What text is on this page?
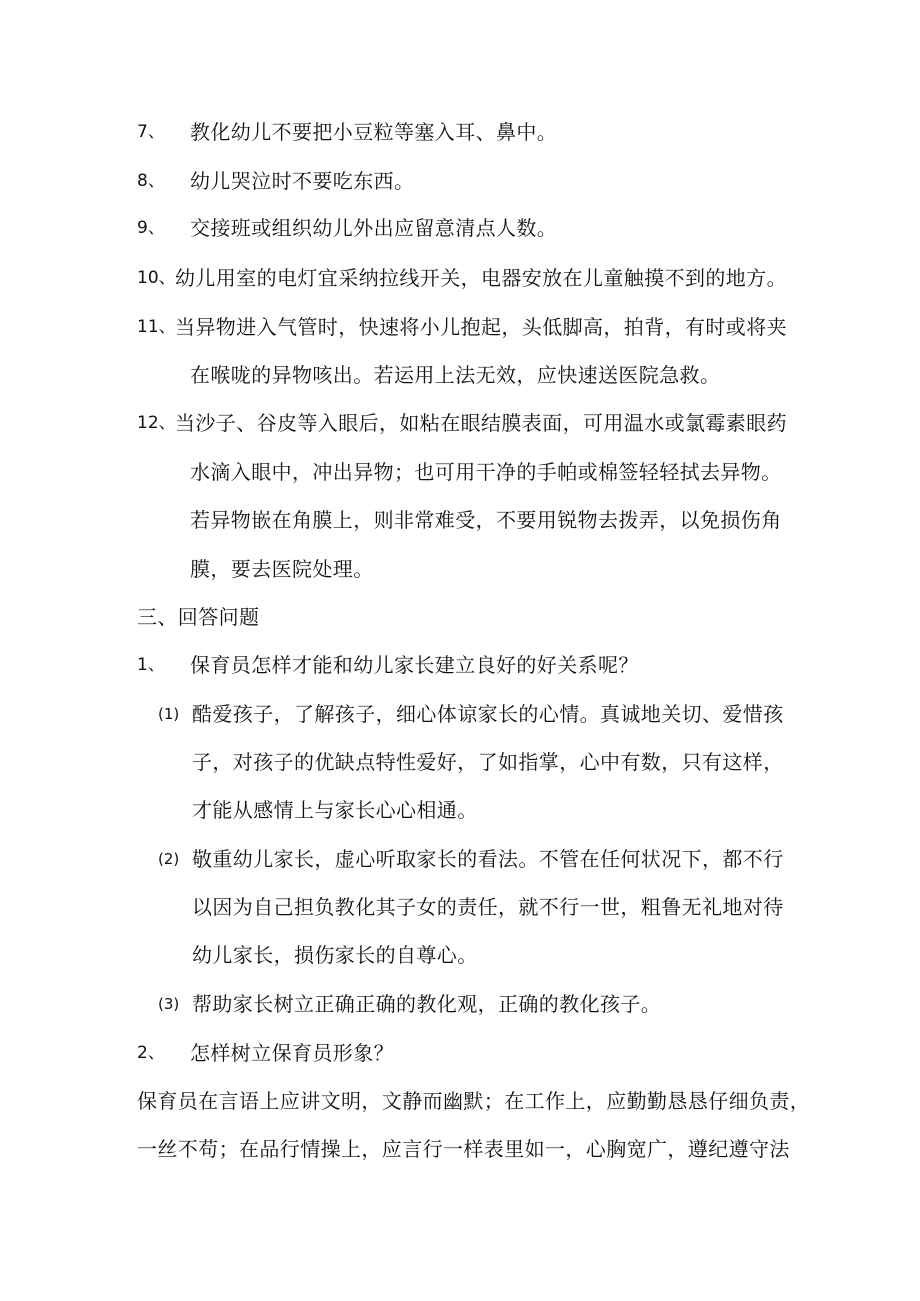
7、 教化幼儿不要把小豆粒等塞入耳、鼻中。
8、 幼儿哭泣时不要吃东西。
9、 交接班或组织幼儿外出应留意清点人数。
10、 幼儿用室的电灯宜采纳拉线开关，电器安放在儿童触摸不到的地方。
11、 当异物进入气管时，快速将小儿抱起，头低脚高，拍背，有时或将夹
在喉咙的异物咳出。若运用上法无效，应快速送医院急救。
12、 当沙子、谷皮等入眼后，如粘在眼结膜表面，可用温水或氯霉素眼药
水滴入眼中，冲出异物；也可用干净的手帕或棉签轻轻拭去异物。
若异物嵌在角膜上，则非常难受，不要用锐物去拨弄，以免损伤角
膜，要去医院处理。
三、回答问题
1、 保育员怎样才能和幼儿家长建立良好的好关系呢？
(1) 酷爱孩子，了解孩子，细心体谅家长的心情。真诚地关切、爱惜孩
子，对孩子的优缺点特性爱好，了如指掌，心中有数，只有这样，
才能从感情上与家长心心相通。
(2) 敬重幼儿家长，虚心听取家长的看法。不管在任何状况下，都不行
以因为自己担负教化其子女的责任，就不行一世，粗鲁无礼地对待
幼儿家长，损伤家长的自尊心。
(3) 帮助家长树立正确正确的教化观，正确的教化孩子。
2、 怎样树立保育员形象？
保育员在言语上应讲文明，文静而幽默；在工作上，应勤勤恳恳仔细负责，
一丝不苟；在品行情操上，应言行一样表里如一，心胸宽广，遵纪遵守法
